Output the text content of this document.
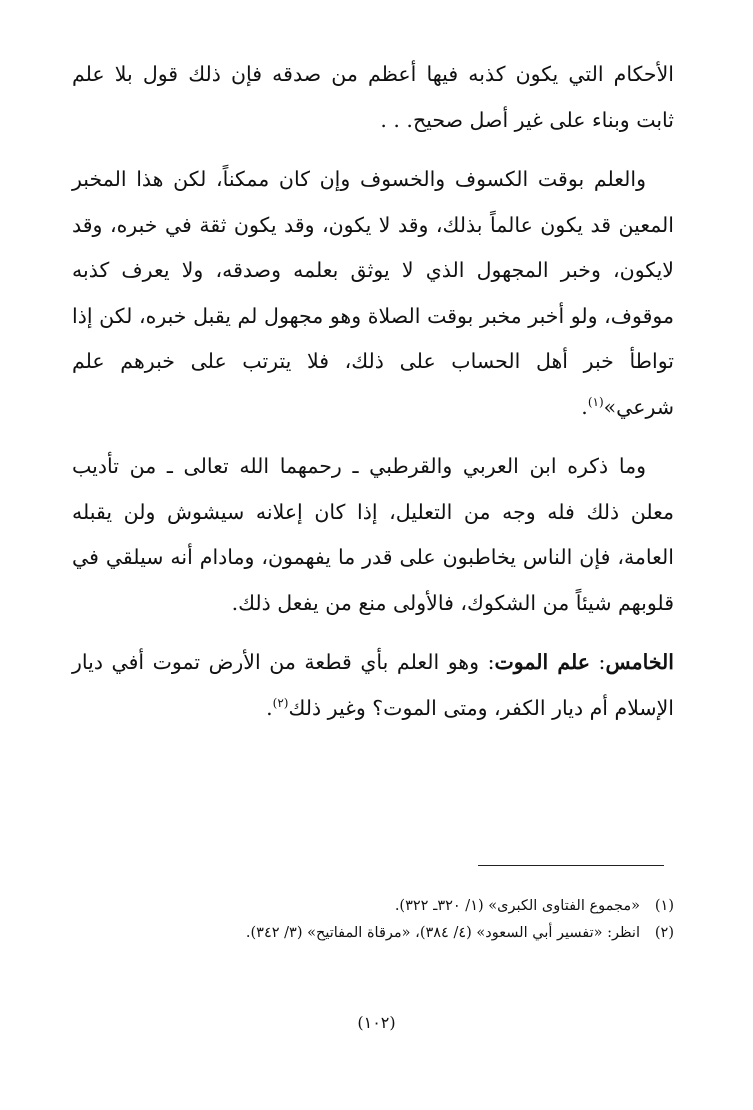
الأحكام التي يكون كذبه فيها أعظم من صدقه فإن ذلك قول بلا علم ثابت وبناء على غير أصل صحيح. . .

والعلم بوقت الكسوف والخسوف وإن كان ممكناً، لكن هذا المخبر المعين قد يكون عالماً بذلك، وقد لا يكون، وقد يكون ثقة في خبره، وقد لايكون، وخبر المجهول الذي لا يوثق بعلمه وصدقه، ولا يعرف كذبه موقوف، ولو أخبر مخبر بوقت الصلاة وهو مجهول لم يقبل خبره، لكن إذا تواطأ خبر أهل الحساب على ذلك، فلا يترتب على خبرهم علم شرعي»$^{(١)}$.

وما ذكره ابن العربي والقرطبي ـ رحمهما الله تعالى ـ من تأديب معلن ذلك فله وجه من التعليل، إذا كان إعلانه سيشوش ولن يقبله العامة، فإن الناس يخاطبون على قدر ما يفهمون، ومادام أنه سيلقي في قلوبهم شيئاً من الشكوك، فالأولى منع من يفعل ذلك.

الخامس: علم الموت: وهو العلم بأي قطعة من الأرض تموت أفي ديار الإسلام أم ديار الكفر، ومتى الموت؟ وغير ذلك$^{(٢)}$.

(١)«مجموع الفتاوى الكبرى» (١/ ٣٢٠ـ ٣٢٢).
(٢)انظر: «تفسير أبي السعود» (٤/ ٣٨٤)، «مرقاة المفاتيح» (٣/ ٣٤٢).
(١٠٢)
